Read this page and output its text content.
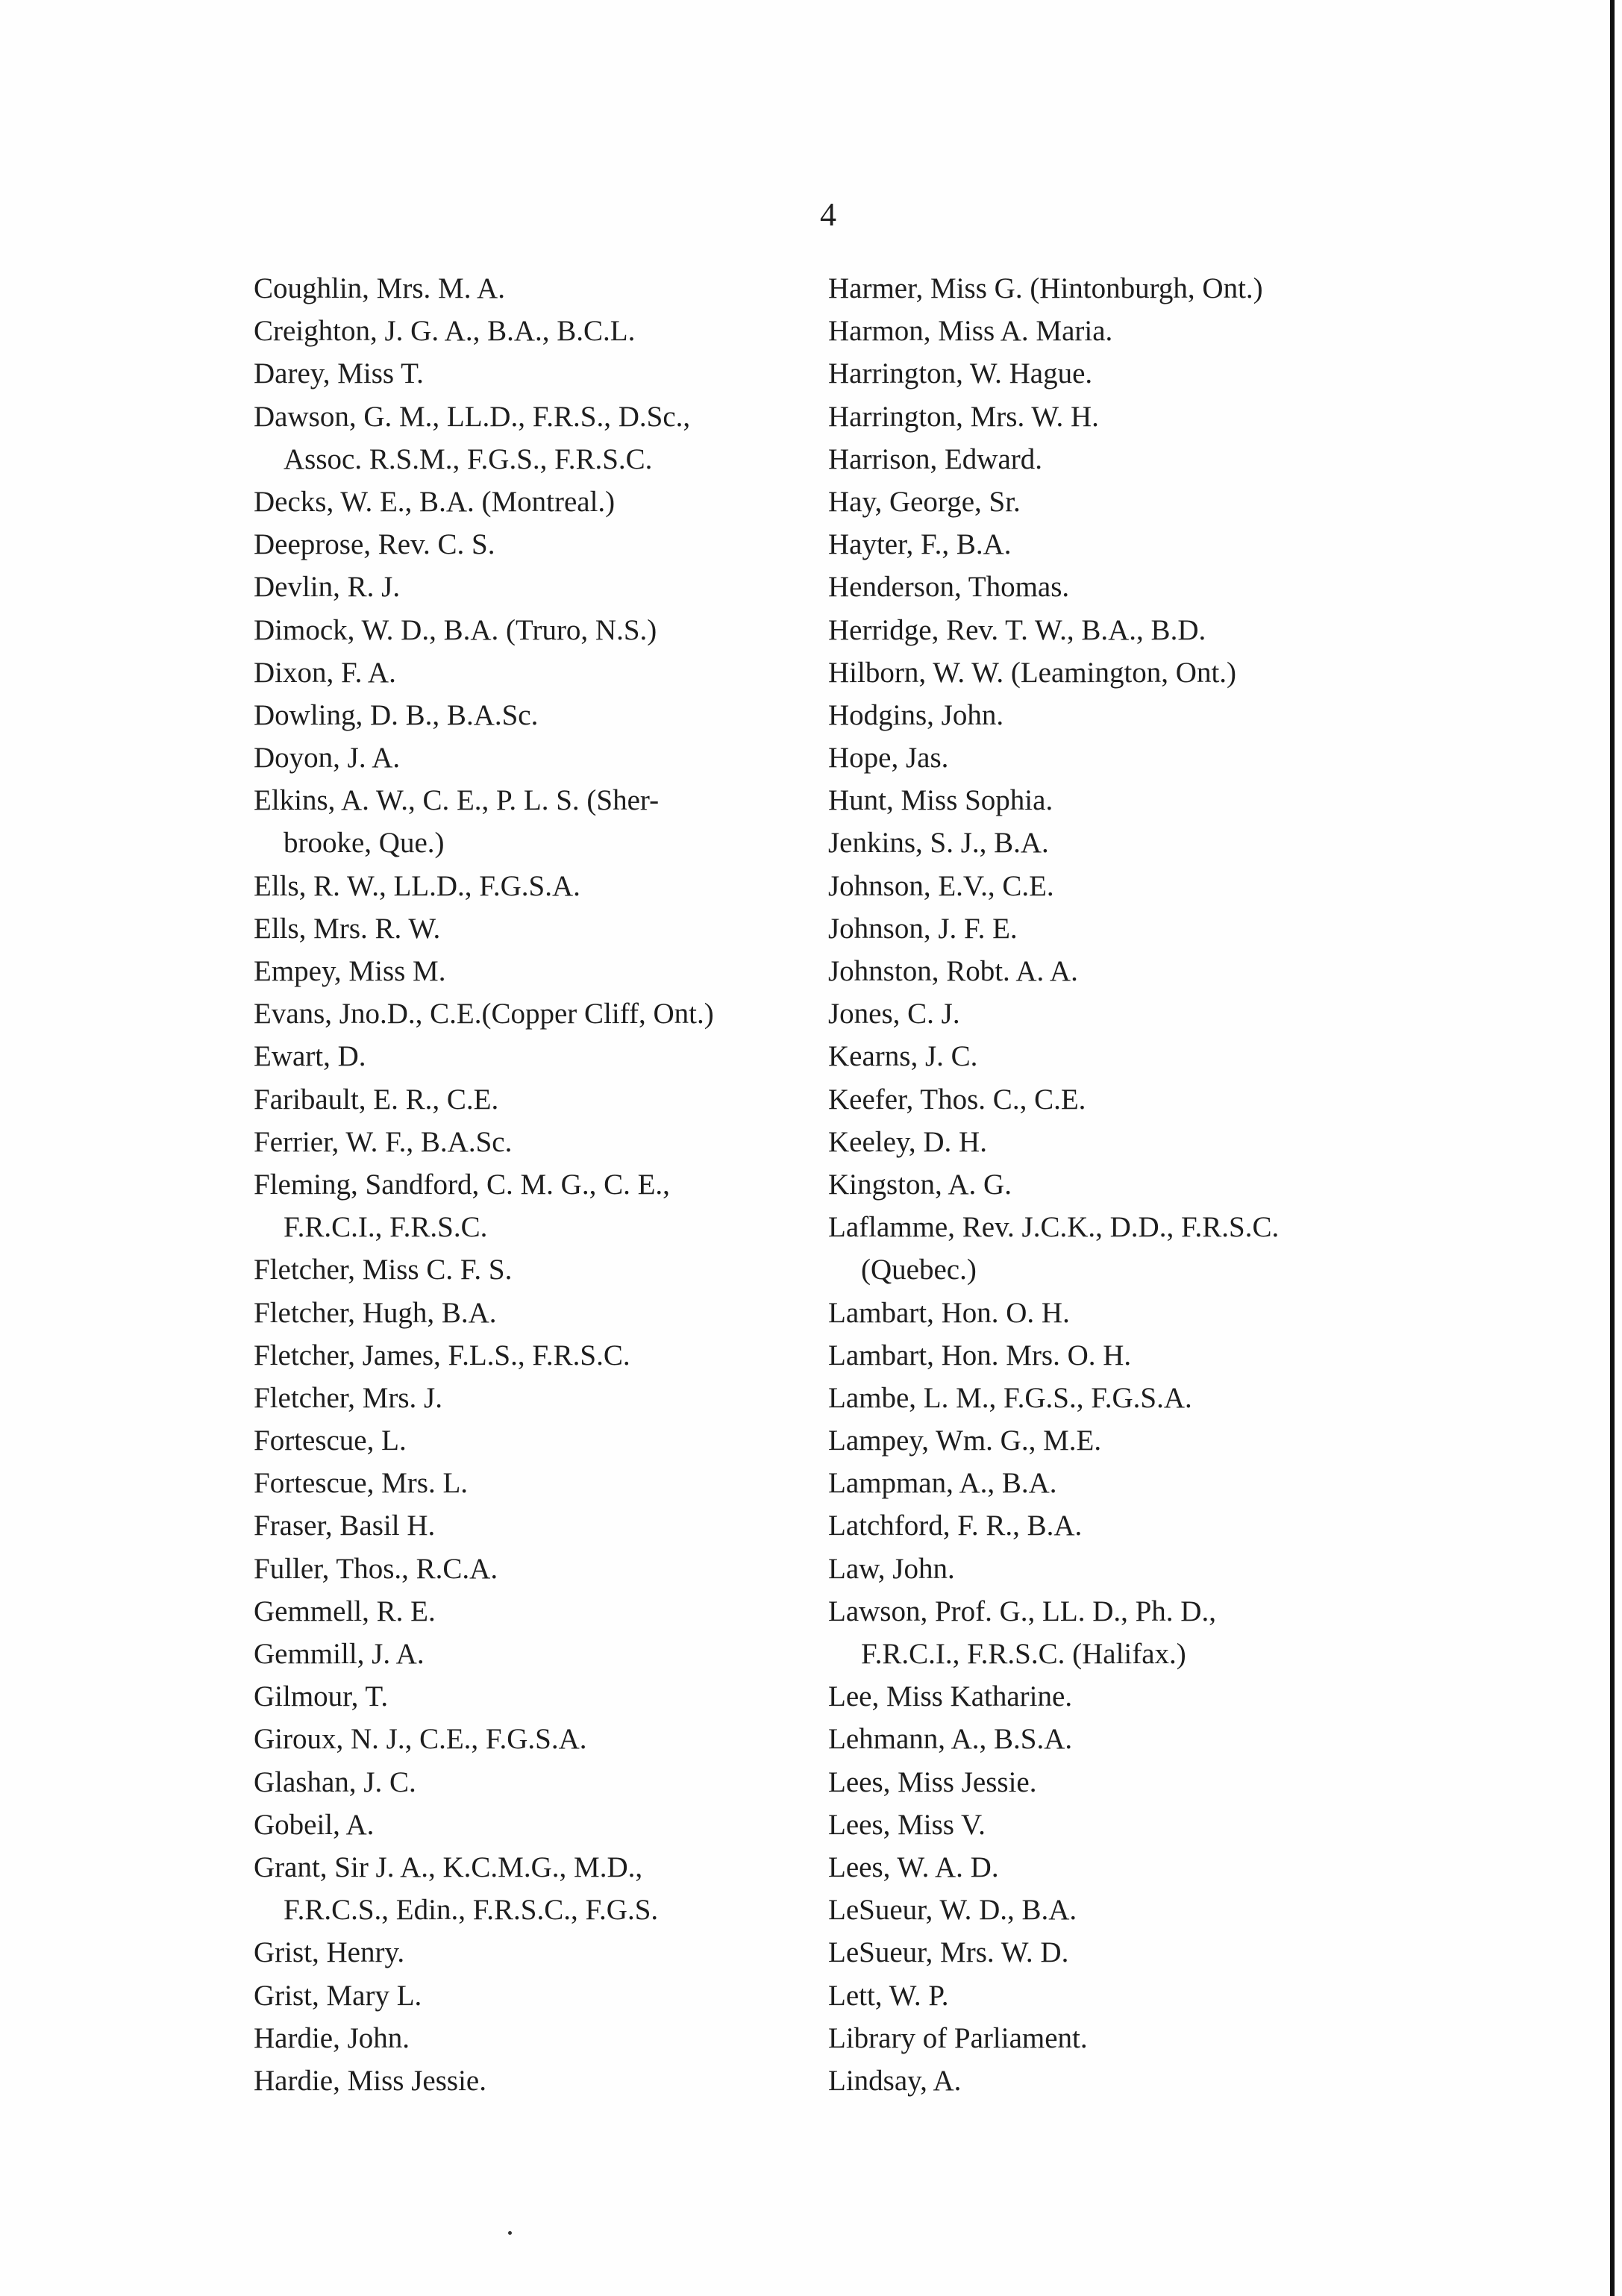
4
Coughlin, Mrs. M. A.
Creighton, J. G. A., B.A., B.C.L.
Darey, Miss T.
Dawson, G. M., LL.D., F.R.S., D.Sc.,
Assoc. R.S.M., F.G.S., F.R.S.C.
Decks, W. E., B.A. (Montreal.)
Deeprose, Rev. C. S.
Devlin, R. J.
Dimock, W. D., B.A. (Truro, N.S.)
Dixon, F. A.
Dowling, D. B., B.A.Sc.
Doyon, J. A.
Elkins, A. W., C. E., P. L. S. (Sher-
brooke, Que.)
Ells, R. W., LL.D., F.G.S.A.
Ells, Mrs. R. W.
Empey, Miss M.
Evans, Jno.D., C.E.(Copper Cliff, Ont.)
Ewart, D.
Faribault, E. R., C.E.
Ferrier, W. F., B.A.Sc.
Fleming, Sandford, C. M. G., C. E.,
F.R.C.I., F.R.S.C.
Fletcher, Miss C. F. S.
Fletcher, Hugh, B.A.
Fletcher, James, F.L.S., F.R.S.C.
Fletcher, Mrs. J.
Fortescue, L.
Fortescue, Mrs. L.
Fraser, Basil H.
Fuller, Thos., R.C.A.
Gemmell, R. E.
Gemmill, J. A.
Gilmour, T.
Giroux, N. J., C.E., F.G.S.A.
Glashan, J. C.
Gobeil, A.
Grant, Sir J. A., K.C.M.G., M.D.,
F.R.C.S., Edin., F.R.S.C., F.G.S.
Grist, Henry.
Grist, Mary L.
Hardie, John.
Hardie, Miss Jessie.
Harmer, Miss G. (Hintonburgh, Ont.)
Harmon, Miss A. Maria.
Harrington, W. Hague.
Harrington, Mrs. W. H.
Harrison, Edward.
Hay, George, Sr.
Hayter, F., B.A.
Henderson, Thomas.
Herridge, Rev. T. W., B.A., B.D.
Hilborn, W. W. (Leamington, Ont.)
Hodgins, John.
Hope, Jas.
Hunt, Miss Sophia.
Jenkins, S. J., B.A.
Johnson, E.V., C.E.
Johnson, J. F. E.
Johnston, Robt. A. A.
Jones, C. J.
Kearns, J. C.
Keefer, Thos. C., C.E.
Keeley, D. H.
Kingston, A. G.
Laflamme, Rev. J.C.K., D.D., F.R.S.C.
(Quebec.)
Lambart, Hon. O. H.
Lambart, Hon. Mrs. O. H.
Lambe, L. M., F.G.S., F.G.S.A.
Lampey, Wm. G., M.E.
Lampman, A., B.A.
Latchford, F. R., B.A.
Law, John.
Lawson, Prof. G., LL. D., Ph. D.,
F.R.C.I., F.R.S.C. (Halifax.)
Lee, Miss Katharine.
Lehmann, A., B.S.A.
Lees, Miss Jessie.
Lees, Miss V.
Lees, W. A. D.
LeSueur, W. D., B.A.
LeSueur, Mrs. W. D.
Lett, W. P.
Library of Parliament.
Lindsay, A.
